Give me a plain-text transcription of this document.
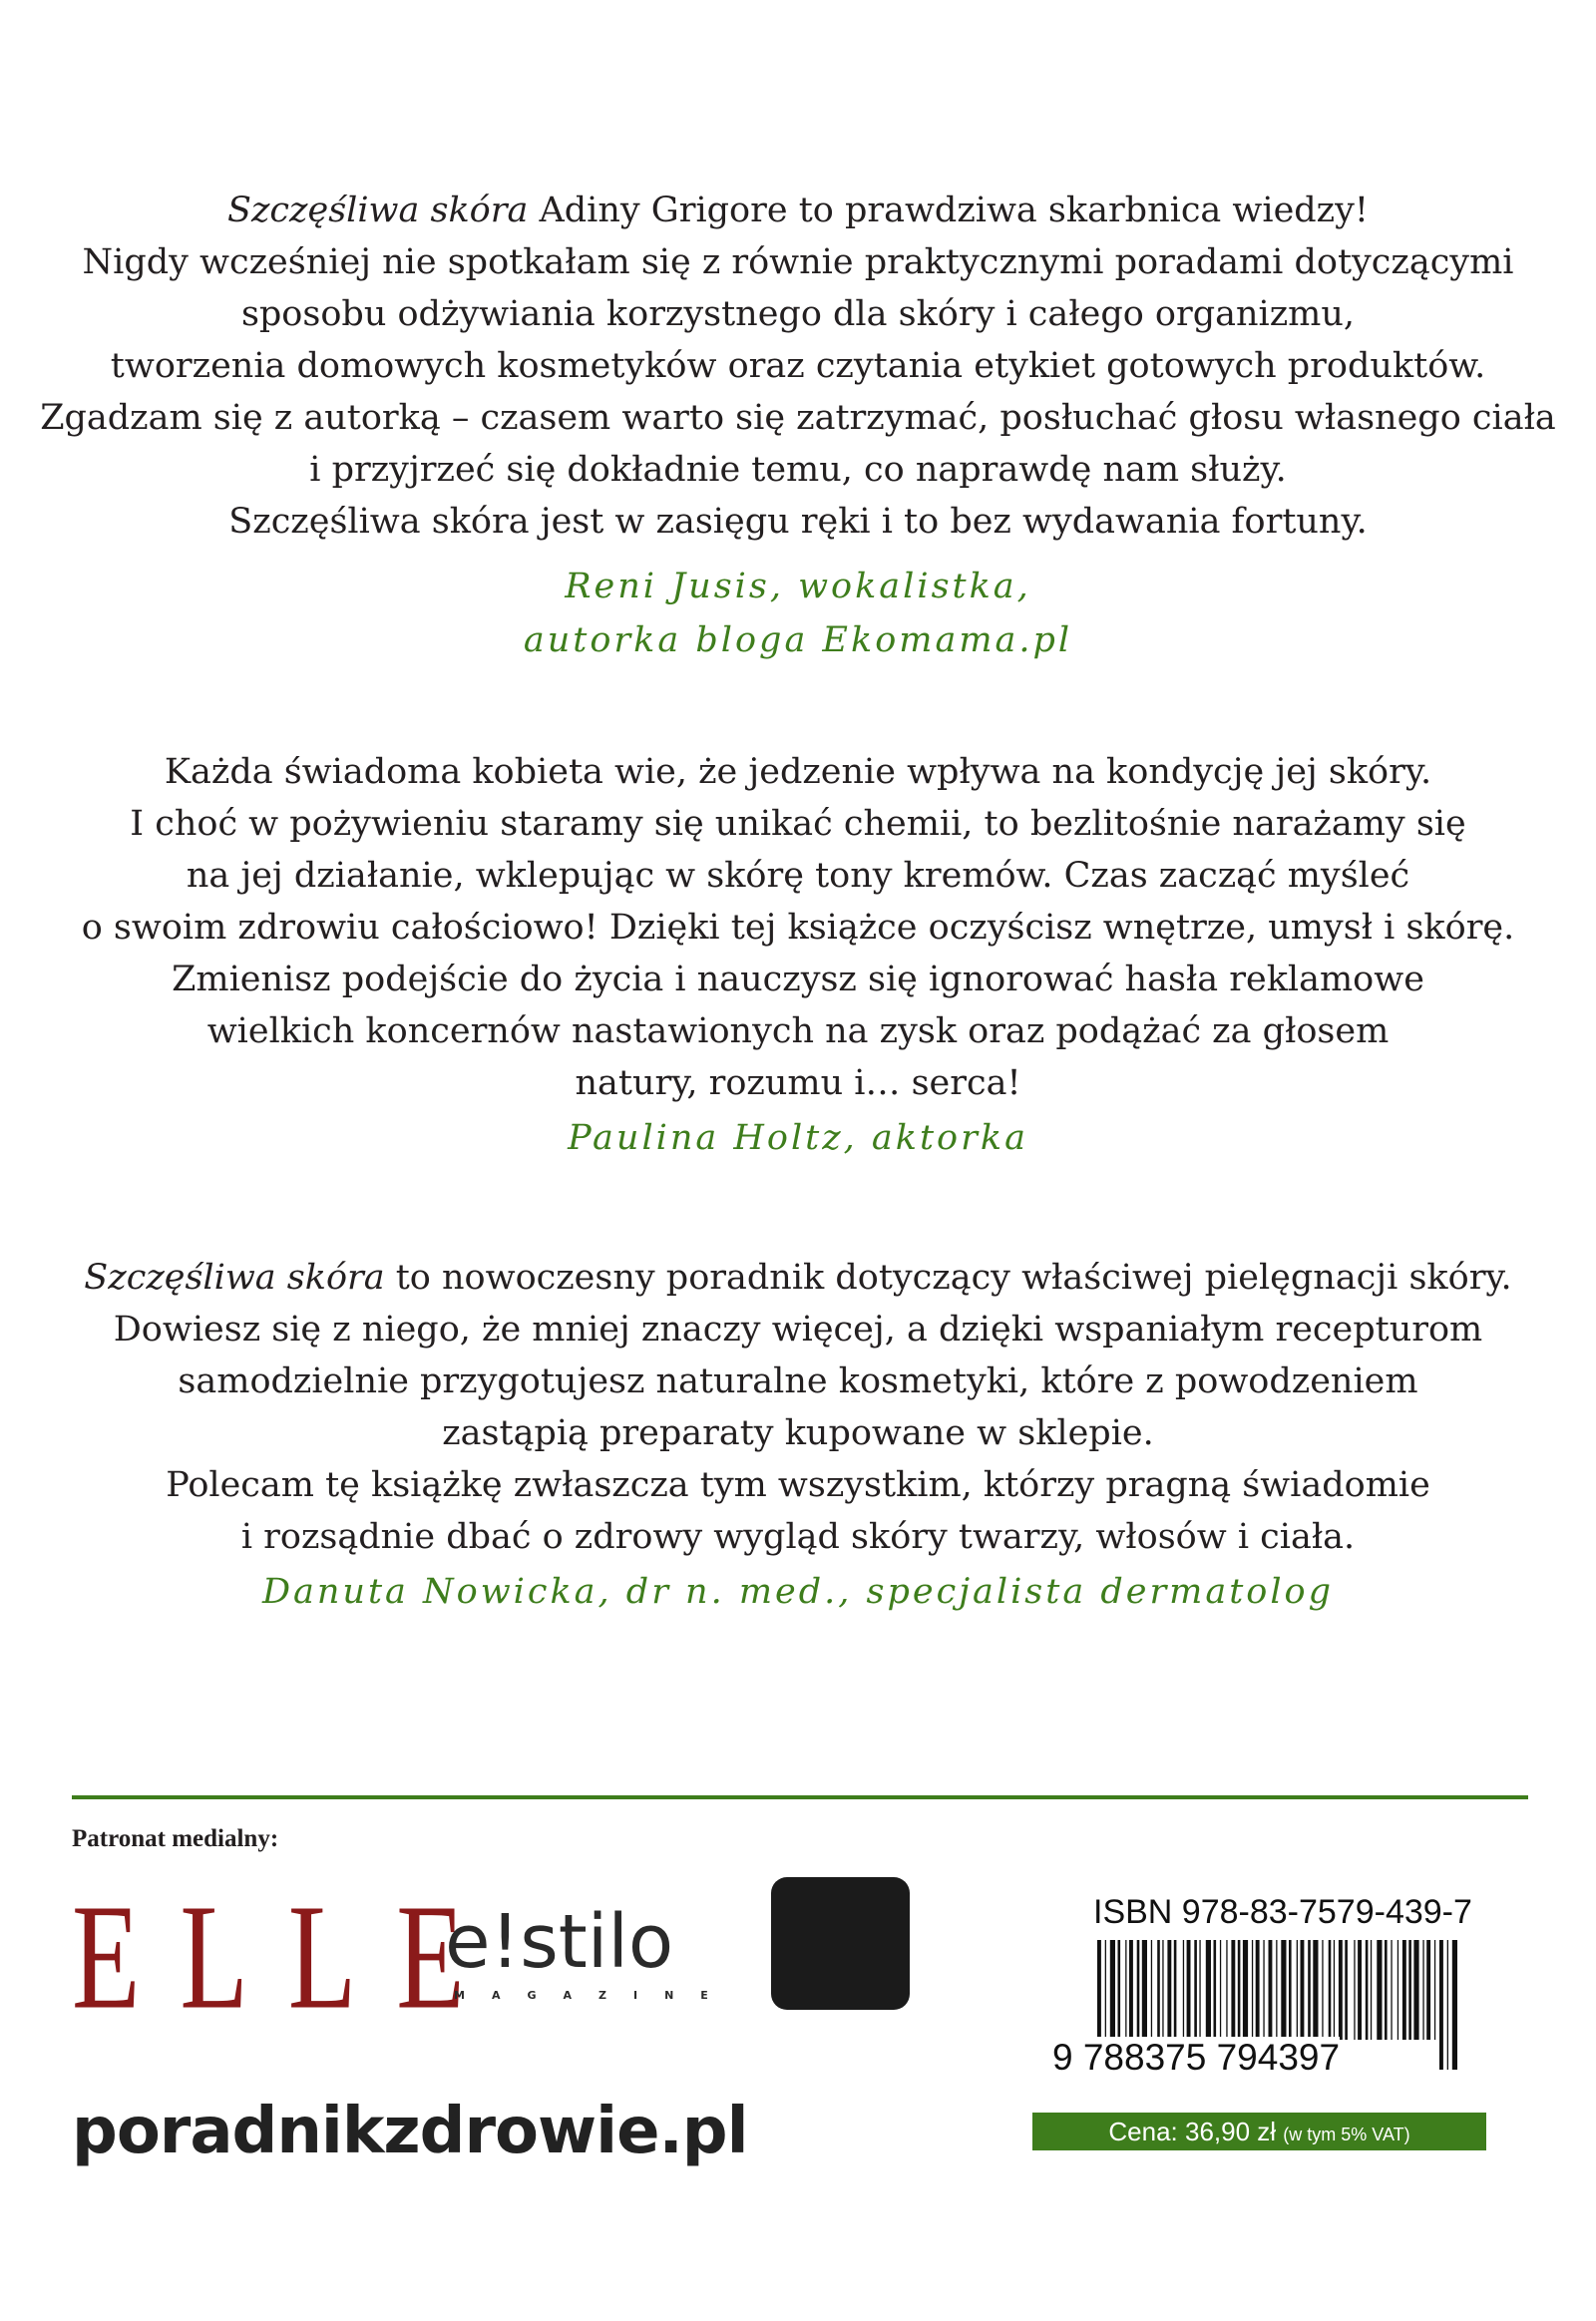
Szczęśliwa skóra Adiny Grigore to prawdziwa skarbnica wiedzy!

Nigdy wcześniej nie spotkałam się z równie praktycznymi poradami dotyczącymi

sposobu odżywiania korzystnego dla skóry i całego organizmu,

tworzenia domowych kosmetyków oraz czytania etykiet gotowych produktów.

Zgadzam się z autorką – czasem warto się zatrzymać, posłuchać głosu własnego ciała

i przyjrzeć się dokładnie temu, co naprawdę nam służy.

Szczęśliwa skóra jest w zasięgu ręki i to bez wydawania fortuny.

Reni Jusis, wokalistka,
autorka bloga Ekomama.pl

Każda świadoma kobieta wie, że jedzenie wpływa na kondycję jej skóry.

I choć w pożywieniu staramy się unikać chemii, to bezlitośnie narażamy się

na jej działanie, wklepując w skórę tony kremów. Czas zacząć myśleć

o swoim zdrowiu całościowo! Dzięki tej książce oczyścisz wnętrze, umysł i skórę.

Zmienisz podejście do życia i nauczysz się ignorować hasła reklamowe

wielkich koncernów nastawionych na zysk oraz podążać za głosem

natury, rozumu i… serca!

Paulina Holtz, aktorka

Szczęśliwa skóra to nowoczesny poradnik dotyczący właściwej pielęgnacji skóry.

Dowiesz się z niego, że mniej znaczy więcej, a dzięki wspaniałym recepturom

samodzielnie przygotujesz naturalne kosmetyki, które z powodzeniem

zastąpią preparaty kupowane w sklepie.

Polecam tę książkę zwłaszcza tym wszystkim, którzy pragną świadomie

i rozsądnie dbać o zdrowy wygląd skóry twarzy, włosów i ciała.

Danuta Nowicka, dr n. med., specjalista dermatolog
Patronat medialny:
E L L E
e!stilo
MAGAZINE
poradnikzdrowie.pl
ISBN 978-83-7579-439-7
9 788375 794397
Cena: 36,90 zł (w tym 5% VAT)
